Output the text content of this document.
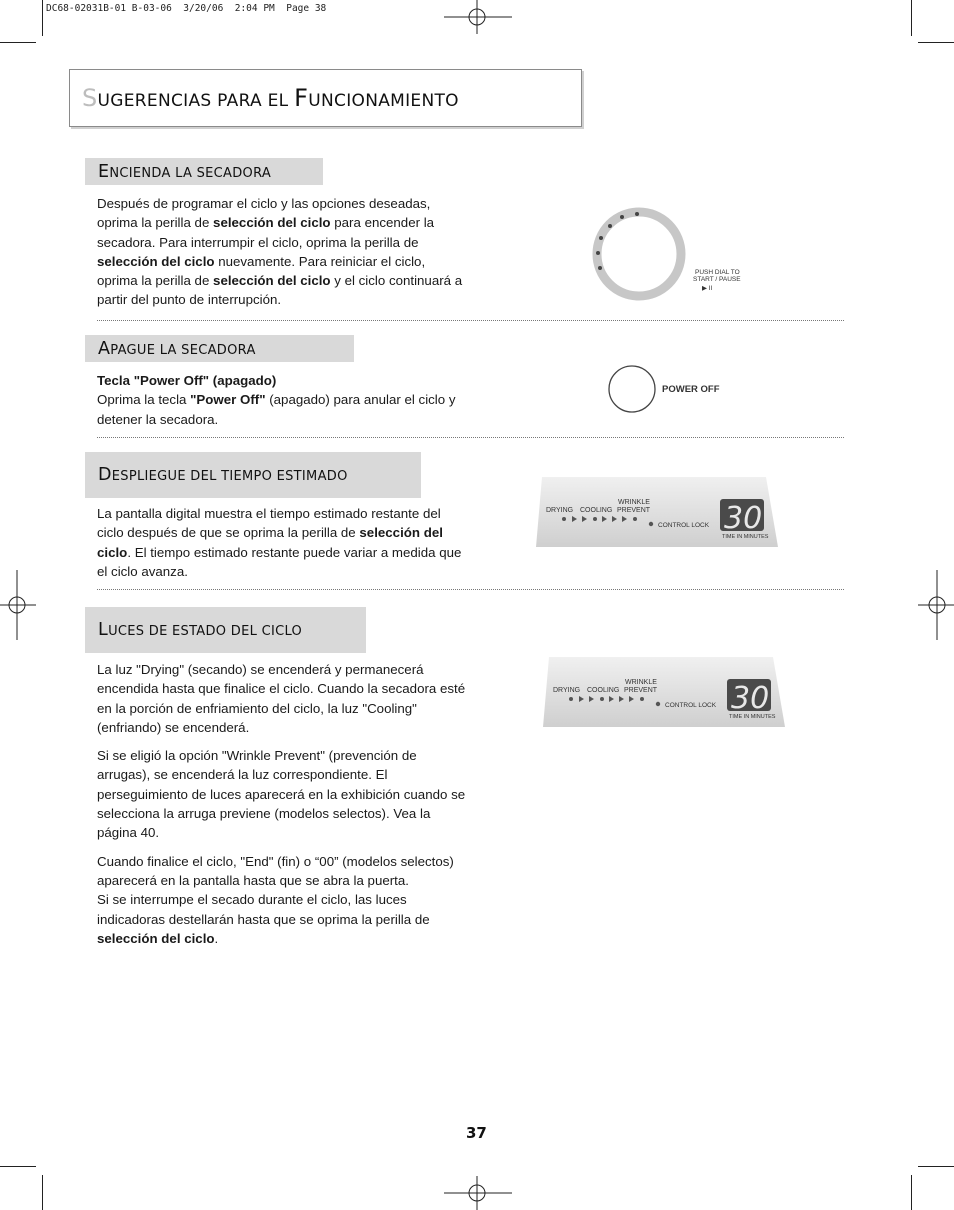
DC68-02031B-01 B-03-06  3/20/06  2:04 PM  Page 38
SUGERENCIAS PARA EL FUNCIONAMIENTO
ENCIENDA LA SECADORA

Después de programar el ciclo y las opciones deseadas, oprima la perilla de selección del ciclo para encender la secadora. Para interrumpir el ciclo, oprima la perilla de selección del ciclo nuevamente. Para reiniciar el ciclo, oprima la perilla de selección del ciclo y el ciclo continuará a partir del punto de interrupción.

PUSH DIAL TO
START / PAUSE
▶ II
APAGUE LA SECADORA

Tecla "Power Off" (apagado)

Oprima la tecla "Power Off" (apagado) para anular el ciclo y detener la secadora.

POWER OFF
DESPLIEGUE DEL TIEMPO ESTIMADO

La pantalla digital muestra el tiempo estimado restante del ciclo después de que se oprima la perilla de selección del ciclo. El tiempo estimado restante puede variar a medida que el ciclo avanza.

DRYING COOLING
WRINKLE
PREVENT
CONTROL LOCK 30
TIME IN MINUTES
LUCES DE ESTADO DEL CICLO

La luz "Drying" (secando) se encenderá y permanecerá encendida hasta que finalice el ciclo. Cuando la secadora esté en la porción de enfriamiento del ciclo, la luz "Cooling" (enfriando) se encenderá.

Si se eligió la opción "Wrinkle Prevent" (prevención de arrugas), se encenderá la luz correspondiente. El perseguimiento de luces aparecerá en la exhibición cuando se selecciona la arruga previene (modelos selectos). Vea la página 40.

Cuando finalice el ciclo, "End" (fin) o “00” (modelos selectos) aparecerá en la pantalla hasta que se abra la puerta.

Si se interrumpe el secado durante el ciclo, las luces indicadoras destellarán hasta que se oprima la perilla de selección del ciclo.

DRYING COOLING
WRINKLE
PREVENT
CONTROL LOCK 30
TIME IN MINUTES
37
